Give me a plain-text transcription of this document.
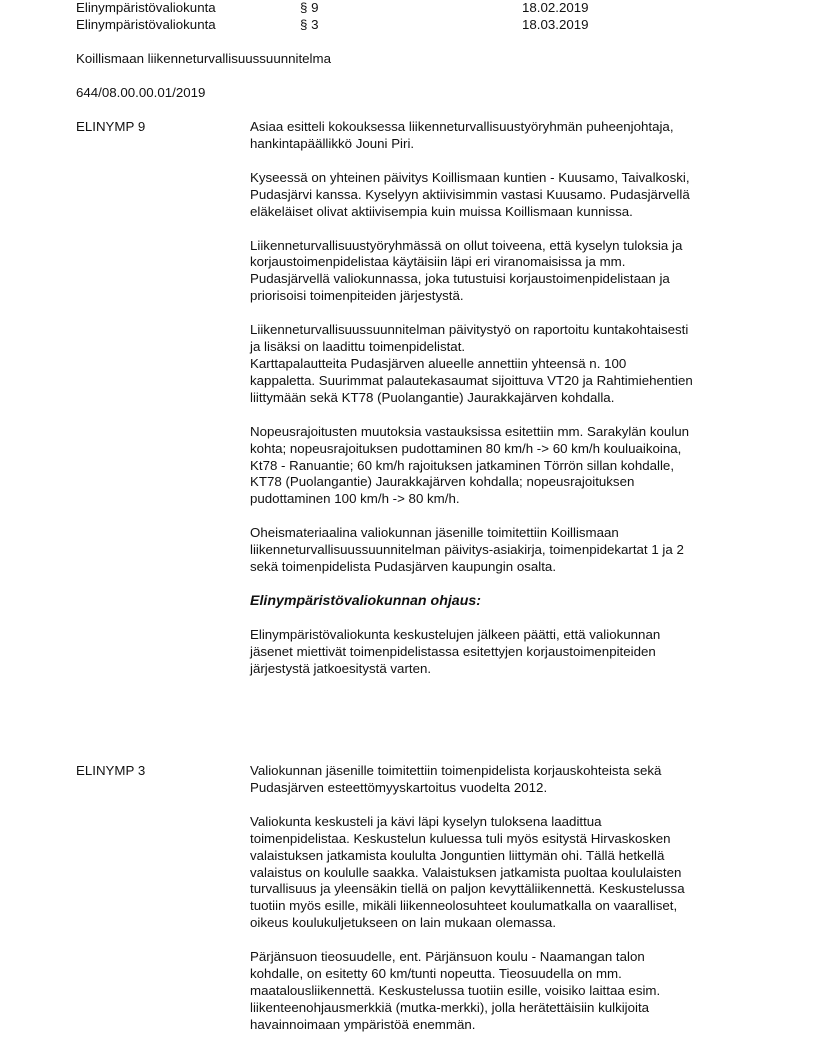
Elinympäristövaliokunta	§ 9	18.02.2019
Elinympäristövaliokunta	§ 3	18.03.2019
Koillismaan liikenneturvallisuussuunnitelma
644/08.00.00.01/2019
ELINYMP 9	Asiaa esitteli kokouksessa liikenneturvallisuustyöryhmän puheenjohtaja,
hankintapäällikkö Jouni Piri.

Kyseessä on yhteinen päivitys Koillismaan kuntien - Kuusamo, Taivalkoski,
Pudasjärvi kanssa. Kyselyyn aktiivisimmin vastasi Kuusamo. Pudasjärvellä
eläkeläiset olivat aktiivisempia kuin muissa Koillismaan kunnissa.

Liikenneturvallisuustyöryhmässä on ollut toiveena, että kyselyn tuloksia ja
korjaustoimenpidelistaa käytäisiin läpi eri viranomaisissa ja mm.
Pudasjärvellä valiokunnassa, joka tutustuisi korjaustoimenpidelistaan ja
priorisoisi toimenpiteiden järjestystä.

Liikenneturvallisuussuunnitelman päivitystyö on raportoitu kuntakohtaisesti
ja lisäksi on laadittu toimenpidelistat.
Karttapalautteita Pudasjärven alueelle annettiin yhteensä n. 100
kappaletta. Suurimmat palautekasaumat sijoittuva VT20 ja Rahtimiehentien
liittymään sekä KT78 (Puolangantie) Jaurakkajärven kohdalla.

Nopeusrajoitusten muutoksia vastauksissa esitettiin mm. Sarakylän koulun
kohta; nopeusrajoituksen pudottaminen 80 km/h -> 60 km/h kouluaikoina,
Kt78 - Ranuantie; 60 km/h rajoituksen jatkaminen Törrön sillan kohdalle,
KT78 (Puolangantie) Jaurakkajärven kohdalla; nopeusrajoituksen
pudottaminen 100 km/h -> 80 km/h.

Oheismateriaalina valiokunnan jäsenille toimitettiin Koillismaan
liikenneturvallisuussuunnitelman päivitys-asiakirja, toimenpidekartat 1 ja 2
sekä toimenpidelista Pudasjärven kaupungin osalta.

Elinympäristövaliokunnan ohjaus:

Elinympäristövaliokunta keskustelujen jälkeen päätti, että valiokunnan
jäsenet miettivät toimenpidelistassa esitettyjen korjaustoimenpiteiden
järjestystä jatkoesitystä varten.

ELINYMP 3	Valiokunnan jäsenille toimitettiin toimenpidelista korjauskohteista sekä
Pudasjärven esteettömyyskartoitus vuodelta 2012.

Valiokunta keskusteli ja kävi läpi kyselyn tuloksena laadittua
toimenpidelistaa. Keskustelun kuluessa tuli myös esitystä Hirvaskosken
valaistuksen jatkamista koululta Jonguntien liittymän ohi. Tällä hetkellä
valaistus on koululle saakka. Valaistuksen jatkamista puoltaa koululaisten
turvallisuus ja yleensäkin tiellä on paljon kevyttäliikennettä. Keskustelussa
tuotiin myös esille, mikäli liikenneolosuhteet koulumatkalla on vaaralliset,
oikeus koulukuljetukseen on lain mukaan olemassa.

Pärjänsuon tieosuudelle, ent. Pärjänsuon koulu - Naamangan talon
kohdalle, on esitetty 60 km/tunti nopeutta. Tieosuudella on mm.
maatalousliikennettä. Keskustelussa tuotiin esille, voisiko laittaa esim.
liikenteenohjausmerkkiä (mutka-merkki), jolla herätettäisiin kulkijoita
havainnoimaan ympäristöä enemmän.
